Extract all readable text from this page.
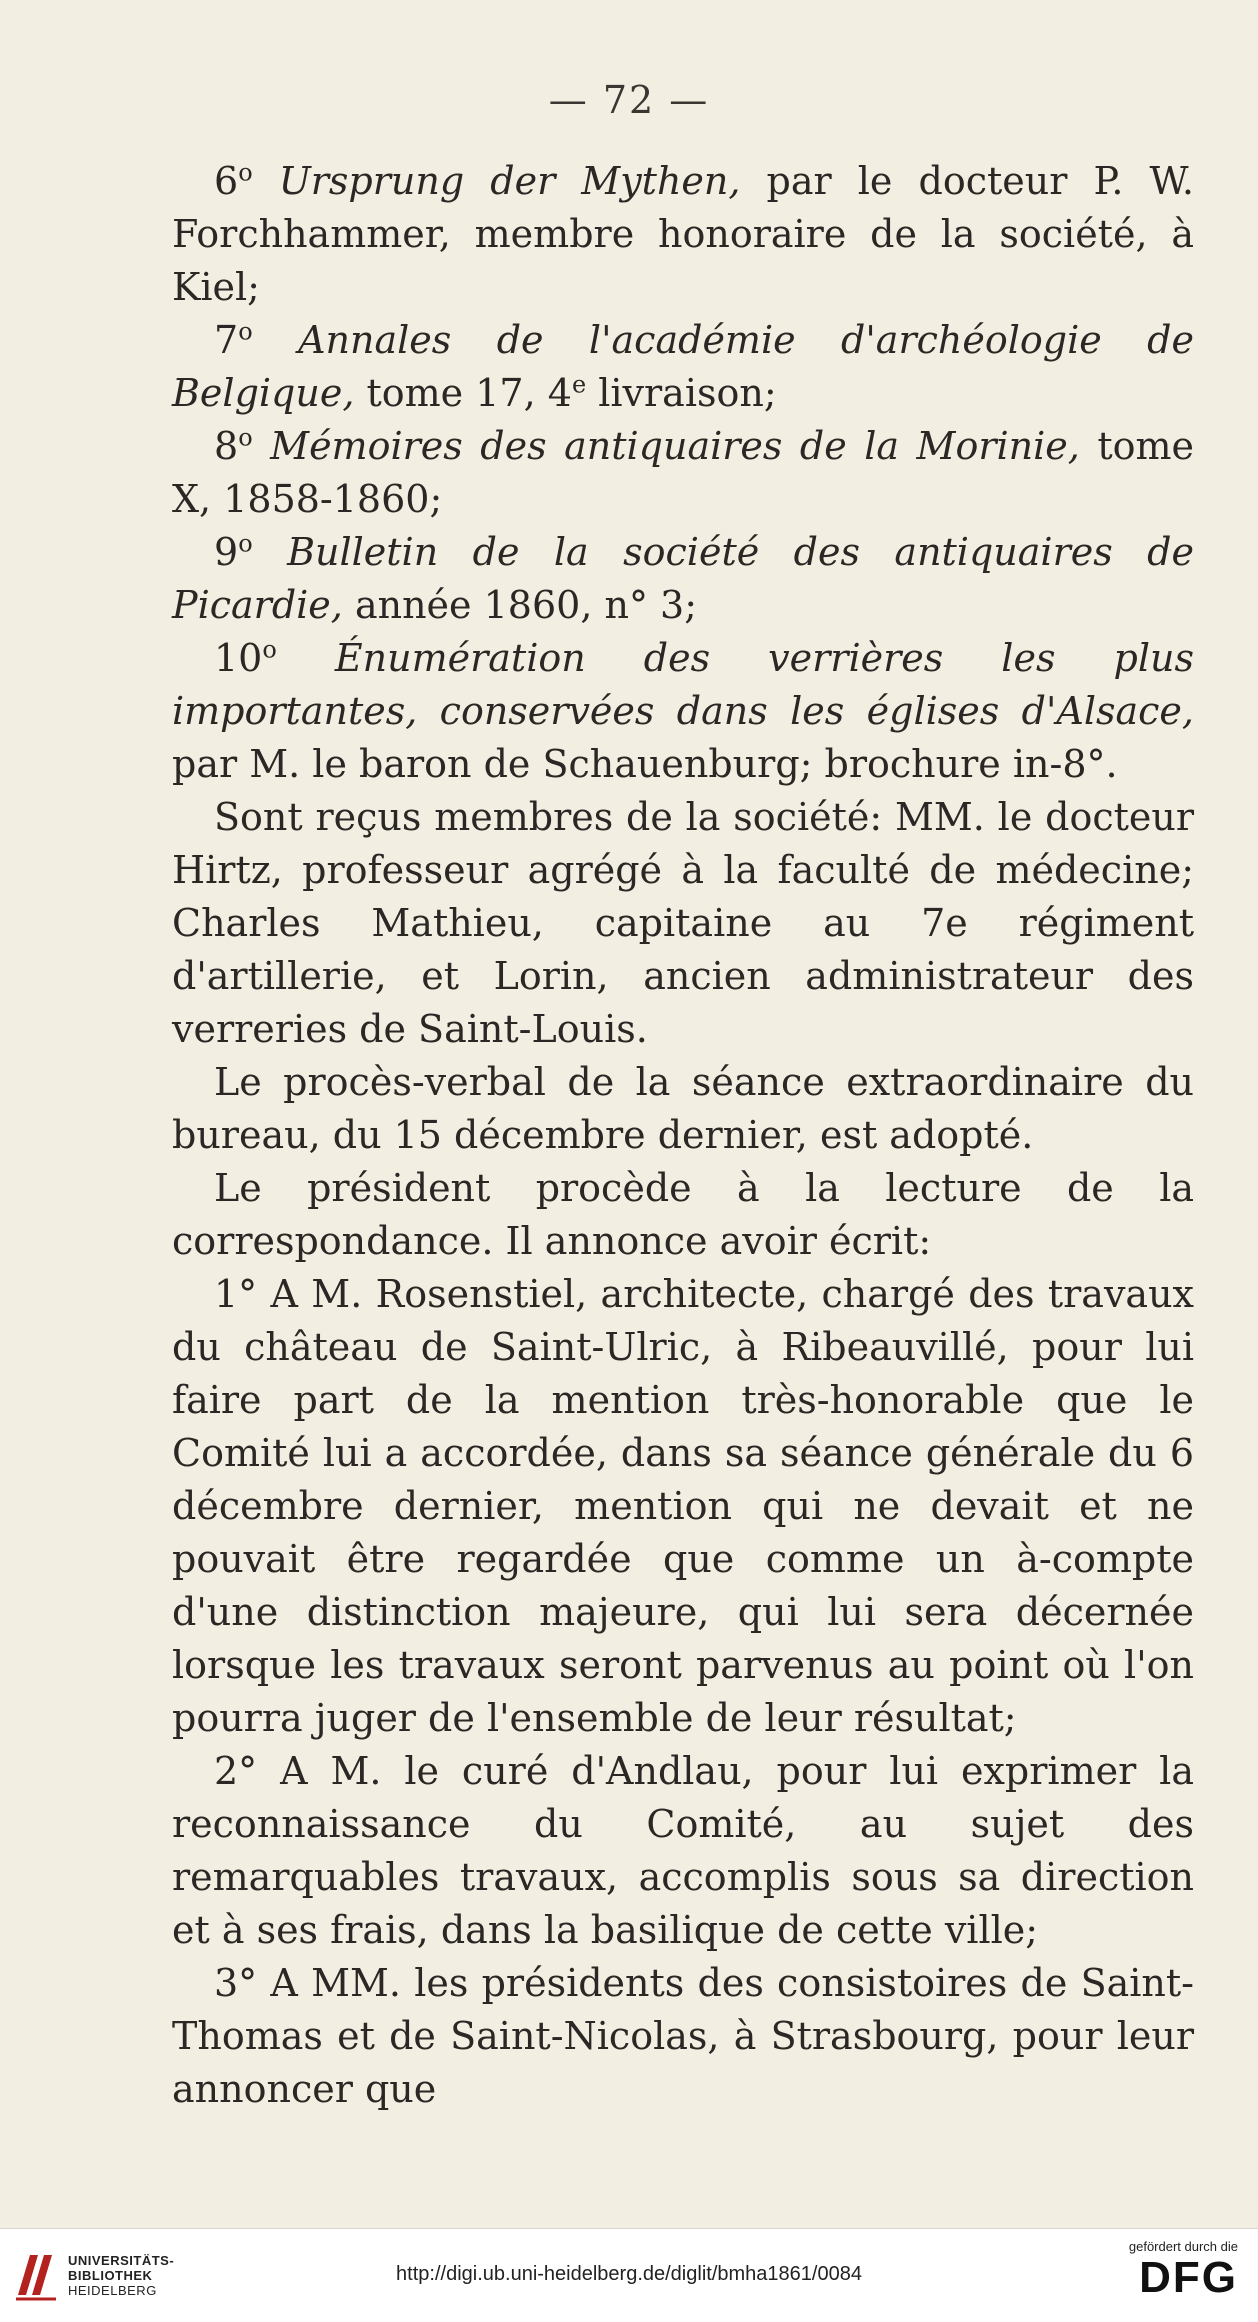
— 72 —

6$^o$ Ursprung der Mythen, par le docteur P. W. Forchhammer, membre honoraire de la société, à Kiel;

7$^o$ Annales de l'académie d'archéologie de Belgique, tome 17, 4e livraison;

8$^o$ Mémoires des antiquaires de la Morinie, tome X, 1858-1860;

9$^o$ Bulletin de la société des antiquaires de Picardie, année 1860, n° 3;

10$^o$ Énumération des verrières les plus importantes, conservées dans les églises d'Alsace, par M. le baron de Schauenburg; brochure in-8°.

Sont reçus membres de la société: MM. le docteur Hirtz, professeur agrégé à la faculté de médecine; Charles Mathieu, capitaine au 7e régiment d'artillerie, et Lorin, ancien administrateur des verreries de Saint-Louis.

Le procès-verbal de la séance extraordinaire du bureau, du 15 décembre dernier, est adopté.

Le président procède à la lecture de la correspondance. Il annonce avoir écrit:

1° A M. Rosenstiel, architecte, chargé des travaux du château de Saint-Ulric, à Ribeauvillé, pour lui faire part de la mention très-honorable que le Comité lui a accordée, dans sa séance générale du 6 décembre dernier, mention qui ne devait et ne pouvait être regardée que comme un à-compte d'une distinction majeure, qui lui sera décernée lorsque les travaux seront parvenus au point où l'on pourra juger de l'ensemble de leur résultat;

2° A M. le curé d'Andlau, pour lui exprimer la reconnaissance du Comité, au sujet des remarquables travaux, accomplis sous sa direction et à ses frais, dans la basilique de cette ville;

3° A MM. les présidents des consistoires de Saint-Thomas et de Saint-Nicolas, à Strasbourg, pour leur annoncer que

UNIVERSITÄTS-
BIBLIOTHEK
HEIDELBERG
http://digi.ub.uni-heidelberg.de/diglit/bmha1861/0084
gefördert durch die
DFG
